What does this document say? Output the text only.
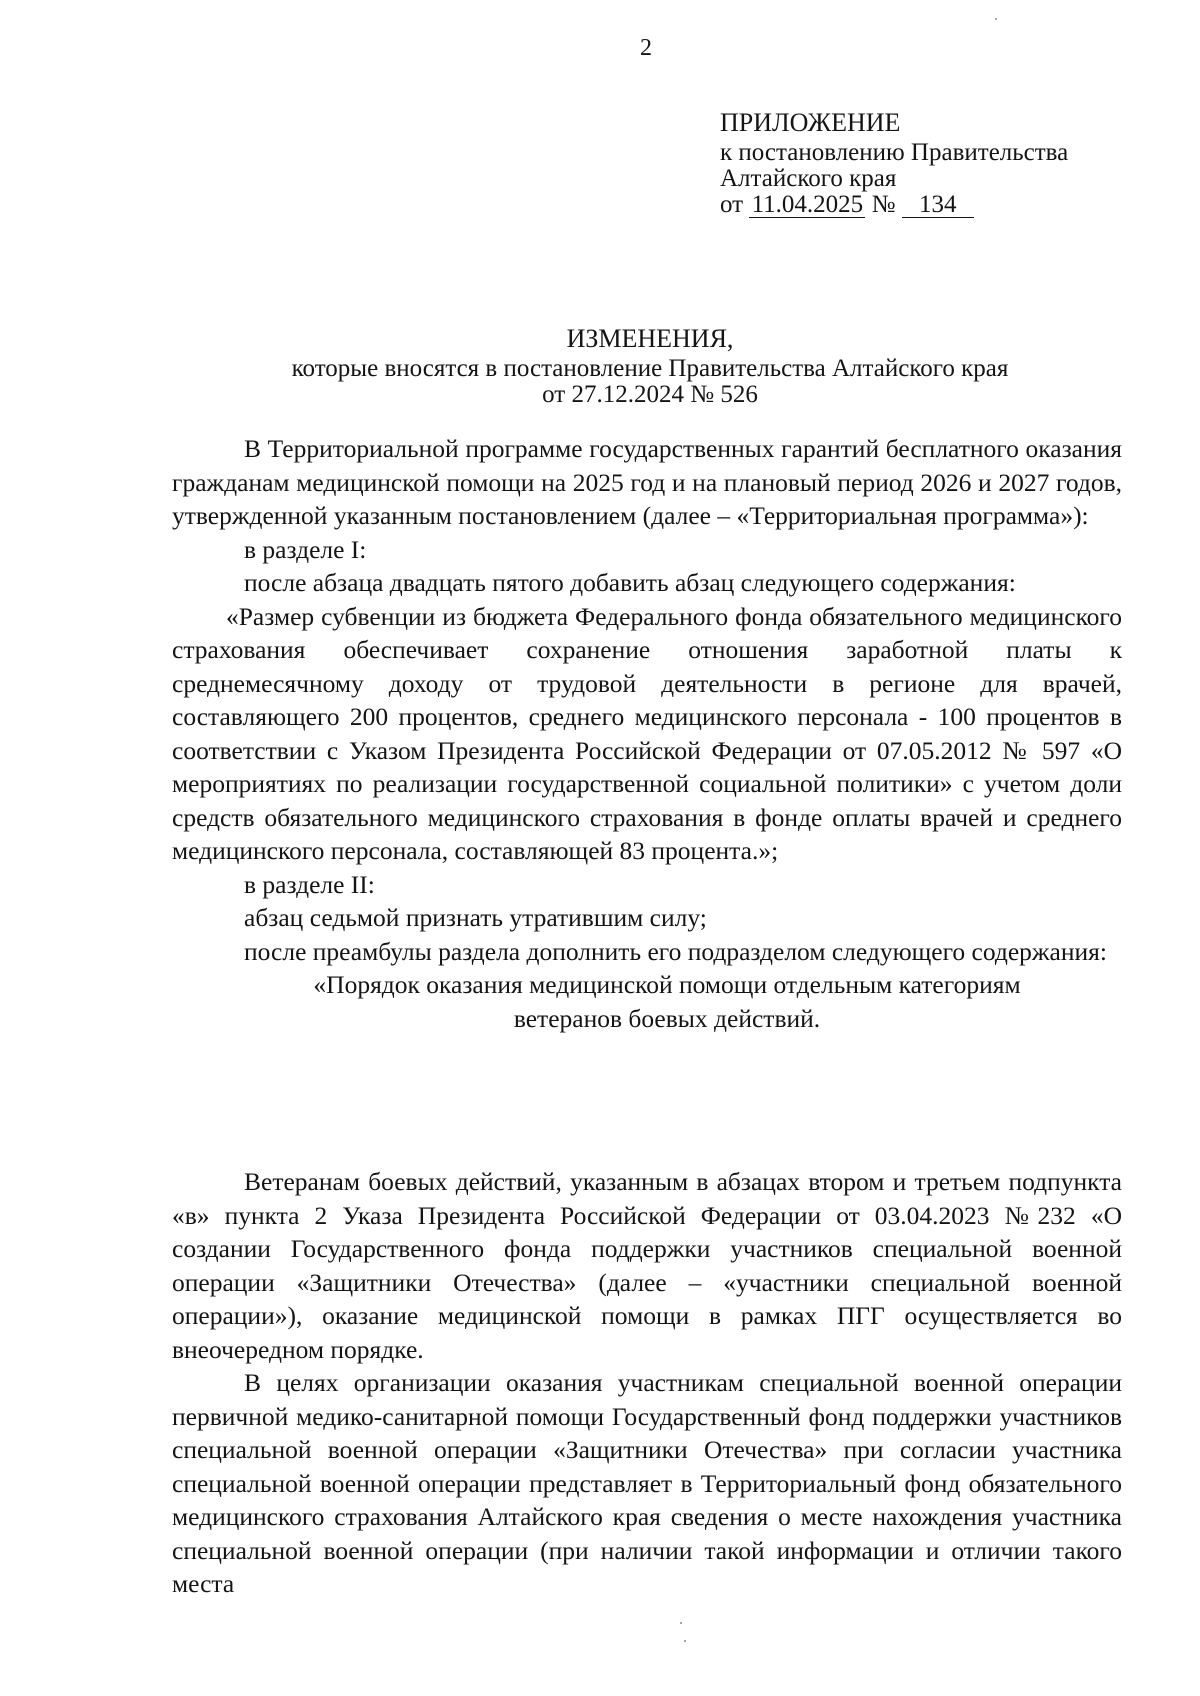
2
ПРИЛОЖЕНИЕ
к постановлению Правительства
Алтайского края
от 11.04.2025 № 134
ИЗМЕНЕНИЯ,
которые вносятся в постановление Правительства Алтайского края
от 27.12.2024 № 526

В Территориальной программе государственных гарантий бесплатного оказания гражданам медицинской помощи на 2025 год и на плановый период 2026 и 2027 годов, утвержденной указанным постановлением (далее – «Территориальная программа»):

в разделе I:

после абзаца двадцать пятого добавить абзац следующего содержания:

«Размер субвенции из бюджета Федерального фонда обязательного медицинского страхования обеспечивает сохранение отношения заработной платы к среднемесячному доходу от трудовой деятельности в регионе для врачей, составляющего 200 процентов, среднего медицинского персонала - 100 процентов в соответствии с Указом Президента Российской Федерации от 07.05.2012 № 597 «О мероприятиях по реализации государственной социальной политики» с учетом доли средств обязательного медицинского страхования в фонде оплаты врачей и среднего медицинского персонала, составляющей 83 процента.»;

в разделе II:

абзац седьмой признать утратившим силу;

после преамбулы раздела дополнить его подразделом следующего содержания:

«Порядок оказания медицинской помощи отдельным категориям

ветеранов боевых действий.

Ветеранам боевых действий, указанным в абзацах втором и третьем подпункта «в» пункта 2 Указа Президента Российской Федерации от 03.04.2023 №232 «О создании Государственного фонда поддержки участников специальной военной операции «Защитники Отечества» (далее – «участники специальной военной операции»), оказание медицинской помощи в рамках ПГГ осуществляется во внеочередном порядке.

В целях организации оказания участникам специальной военной операции первичной медико-санитарной помощи Государственный фонд поддержки участников специальной военной операции «Защитники Отечества» при согласии участника специальной военной операции представляет в Территориальный фонд обязательного медицинского страхования Алтайского края сведения о месте нахождения участника специальной военной операции (при наличии такой информации и отличии такого места
